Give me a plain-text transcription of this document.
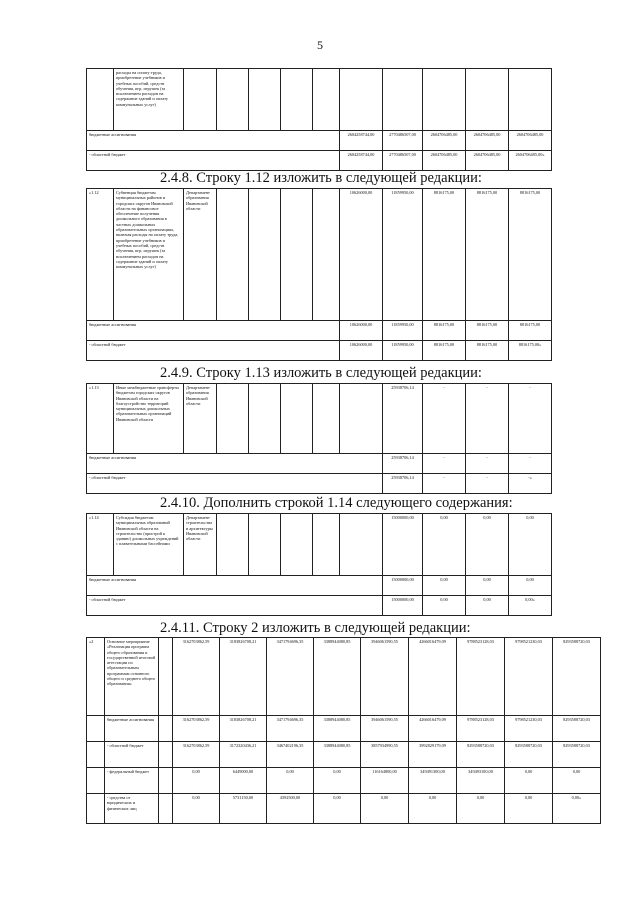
5
	расходы на оплату труда, приобретение учебников и учебных пособий, средств обучения, игр, игрушек (за исключением расходов на содержание зданий и оплату коммунальных услуг)										
бюджетные ассигнования							2604258744,00	2770486507,00	2604706485,00	2604706485,00	2604706485,00
- областной бюджет							2604258744,00	2770486507,00	2604706485,00	2604706485,00	2604706485,00»
2.4.8. Строку 1.12 изложить в следующей редакции:
«1.12	Субвенция бюджетам муниципальных районов и городских округов Ивановской области на финансовое обеспечение получения дошкольного образования в частных дошкольных образовательных организациях, включая расходы на оплату труда, приобретение учебников и учебных пособий, средств обучения, игр, игрушек (за исключением расходов на содержание зданий и оплату коммунальных услуг)	Департамент образования Ивановской области					10626000,00	11859950,00	8816175,00	8816175,00	8816175,00
бюджетные ассигнования							10626000,00	11859950,00	8816175,00	8816175,00	8816175,00
- областной бюджет							10626000,00	11859950,00	8816175,00	8816175,00	8816175,00»
2.4.9. Строку 1.13 изложить в следующей редакции:
«1.13	Иные межбюджетные трансферты бюджетам городских округов Ивановской области на благоустройство территорий муниципальных дошкольных образовательных организаций Ивановской области	Департамент образования Ивановской области						25938706,14	-	-	-
бюджетные ассигнования								25938706,14	-	-	-
- областной бюджет								25938706,14	-	-	-»
2.4.10. Дополнить строкой 1.14 следующего содержания:
«1.14	Субсидия бюджетам муниципальных образований Ивановской области на строительство (пристрой к зданию) дошкольных учреждений с плавательными бассейнами	Департамент строительства и архитектуры Ивановской области						15000000,00	0,00	0,00	0,00
бюджетные ассигнования								15000000,00	0,00	0,00	0,00
- областной бюджет								15000000,00	0,00	0,00	0,00»
2.4.11. Строку 2 изложить в следующей редакции:
«2	Основное мероприятие «Реализация программ общего образования и государственной итоговой аттестации по образовательным программам основного общего и среднего общего образования»		3162703862,59	3183826708,21	3471794696,35	3388944080,85	3946061590,55	4266016479,09	9788523128,03	9798521230,03	8293588720,03
	бюджетные ассигнования		3162703862,59	3183826708,21	3471794696,35	3388944080,85	3946061590,55	4266016479,09	9788523128,03	9798521230,03	8293588720,03
	- областной бюджет		3162703862,59	3172320436,21	3467402196,35	3388944080,85	3857934990,55	3992829179,09	8293588720,03	8293588720,03	8293588720,03
	- федеральный бюджет		0,00	6449000,00	0,00	0,00	116164800,00	349491300,00	349493100,00	0,00	0,00
	- средства от юридических и физических лиц		0,00	5731150,00	4392500,00	0,00	0,00	0,00	0,00	0,00	0,00»
